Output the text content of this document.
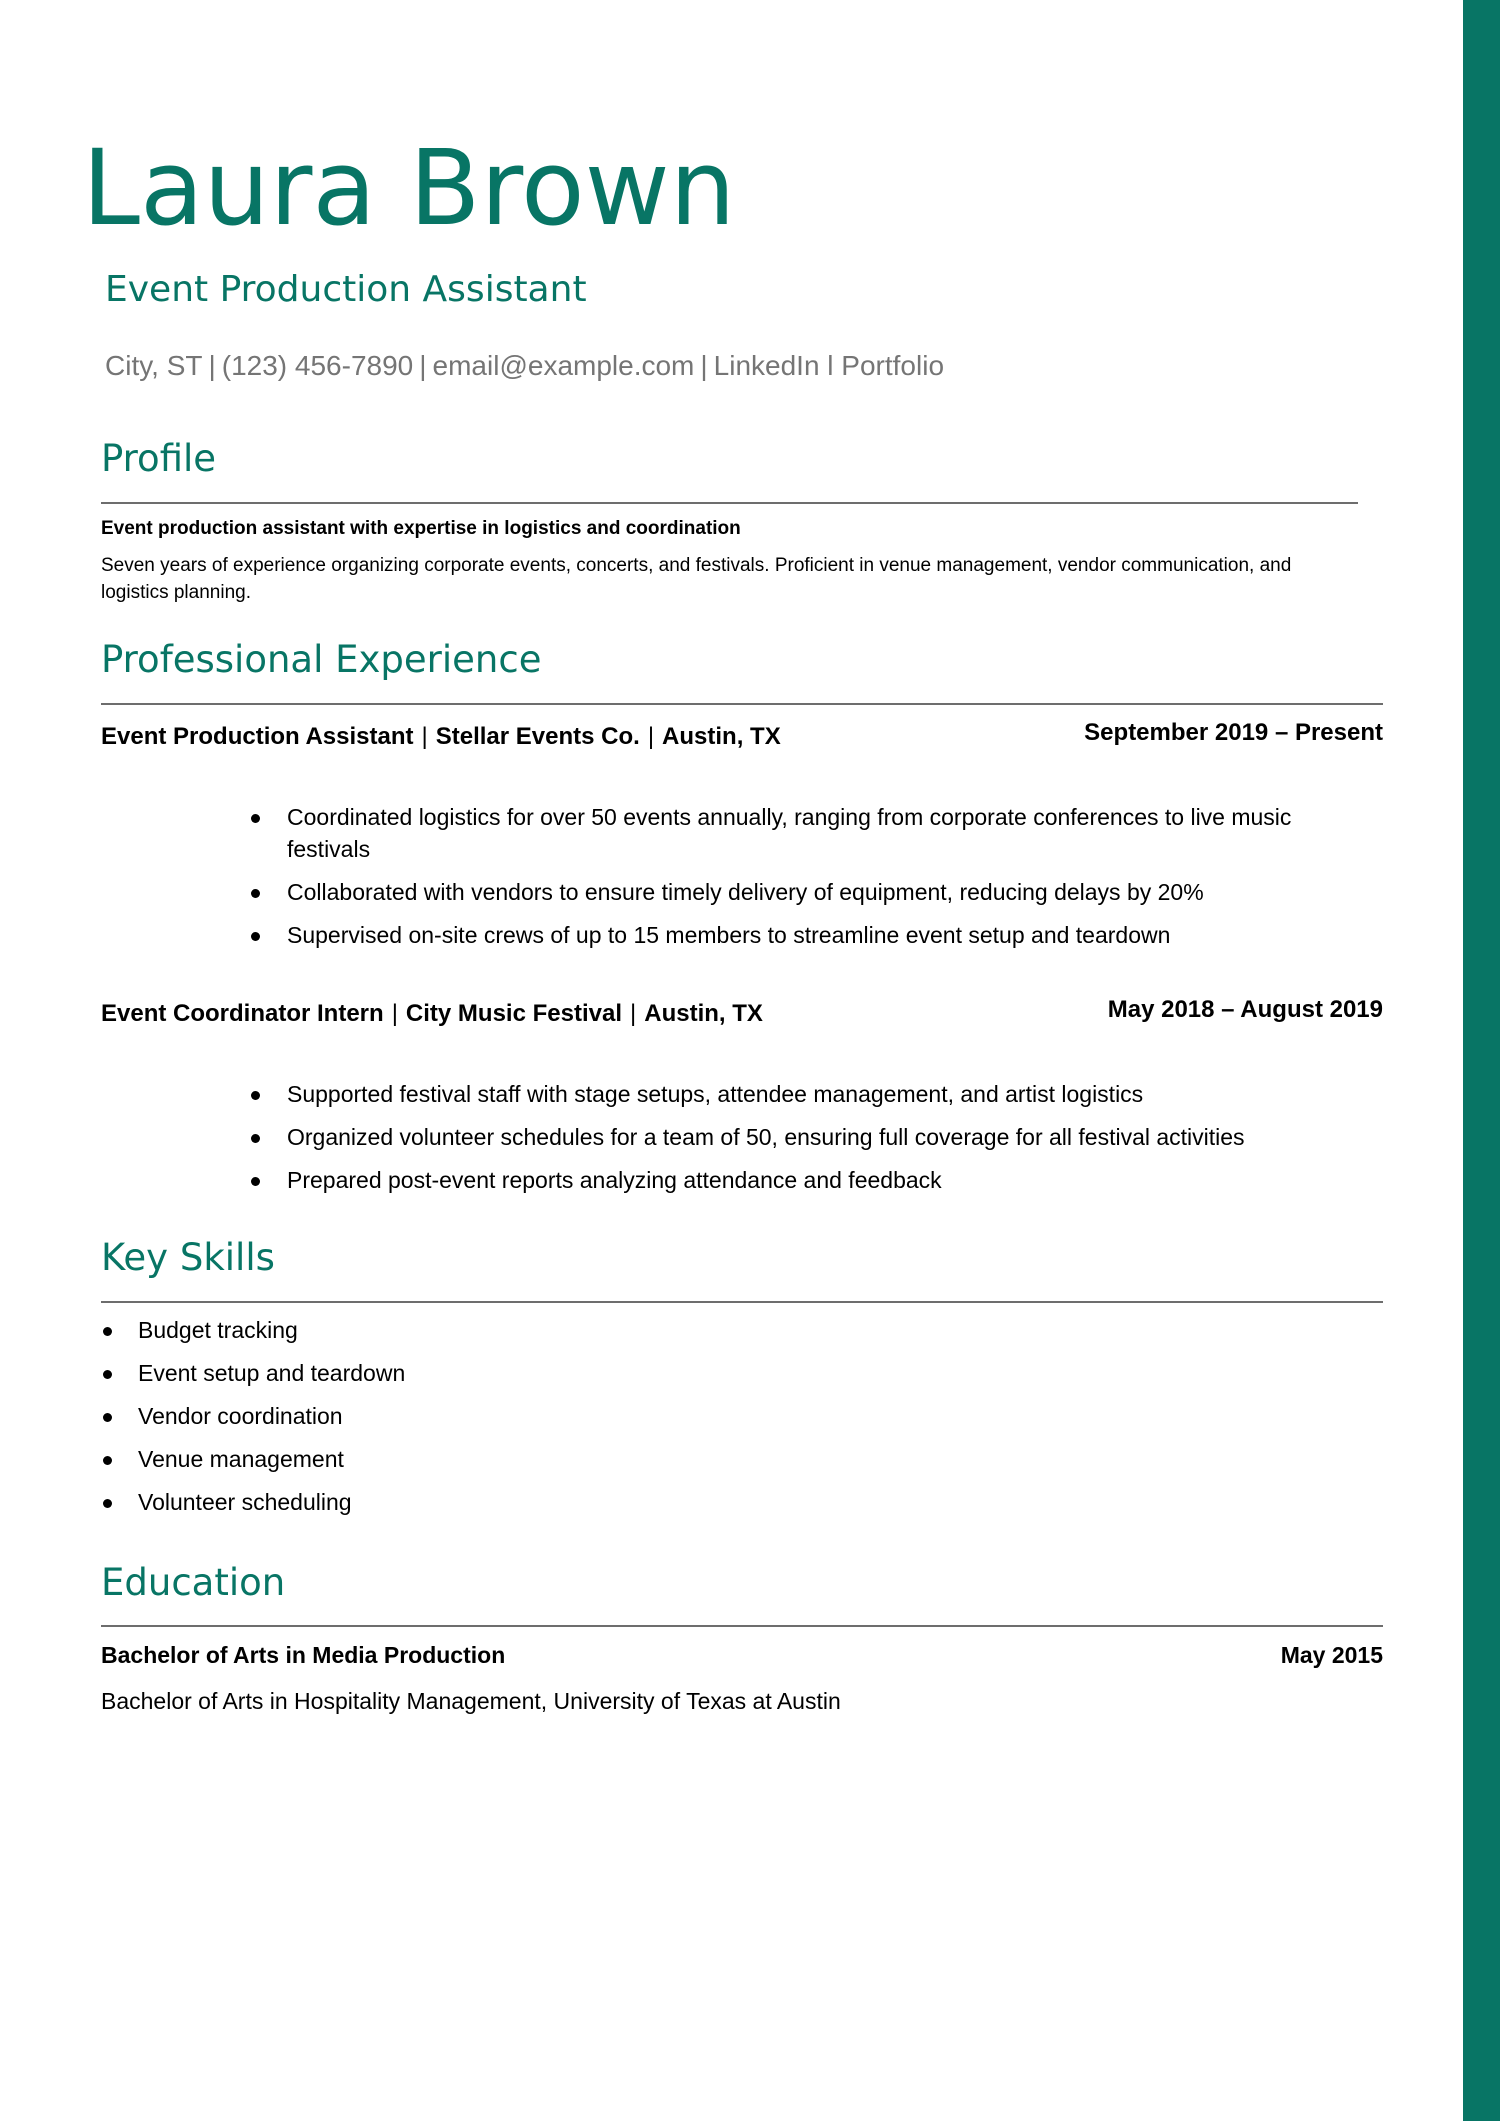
Laura Brown
Event Production Assistant
City, ST | (123) 456-7890 | email@example.com | LinkedIn l Portfolio
Profile
Event production assistant with expertise in logistics and coordination
Seven years of experience organizing corporate events, concerts, and festivals. Proficient in venue management, vendor communication, and logistics planning.
Professional Experience
Event Production Assistant | Stellar Events Co. | Austin, TX	September 2019 – Present
Coordinated logistics for over 50 events annually, ranging from corporate conferences to live music festivals
Collaborated with vendors to ensure timely delivery of equipment, reducing delays by 20%
Supervised on-site crews of up to 15 members to streamline event setup and teardown
Event Coordinator Intern | City Music Festival | Austin, TX	May 2018 – August 2019
Supported festival staff with stage setups, attendee management, and artist logistics
Organized volunteer schedules for a team of 50, ensuring full coverage for all festival activities
Prepared post-event reports analyzing attendance and feedback
Key Skills
Budget tracking
Event setup and teardown
Vendor coordination
Venue management
Volunteer scheduling
Education
Bachelor of Arts in Media Production	May 2015
Bachelor of Arts in Hospitality Management, University of Texas at Austin
